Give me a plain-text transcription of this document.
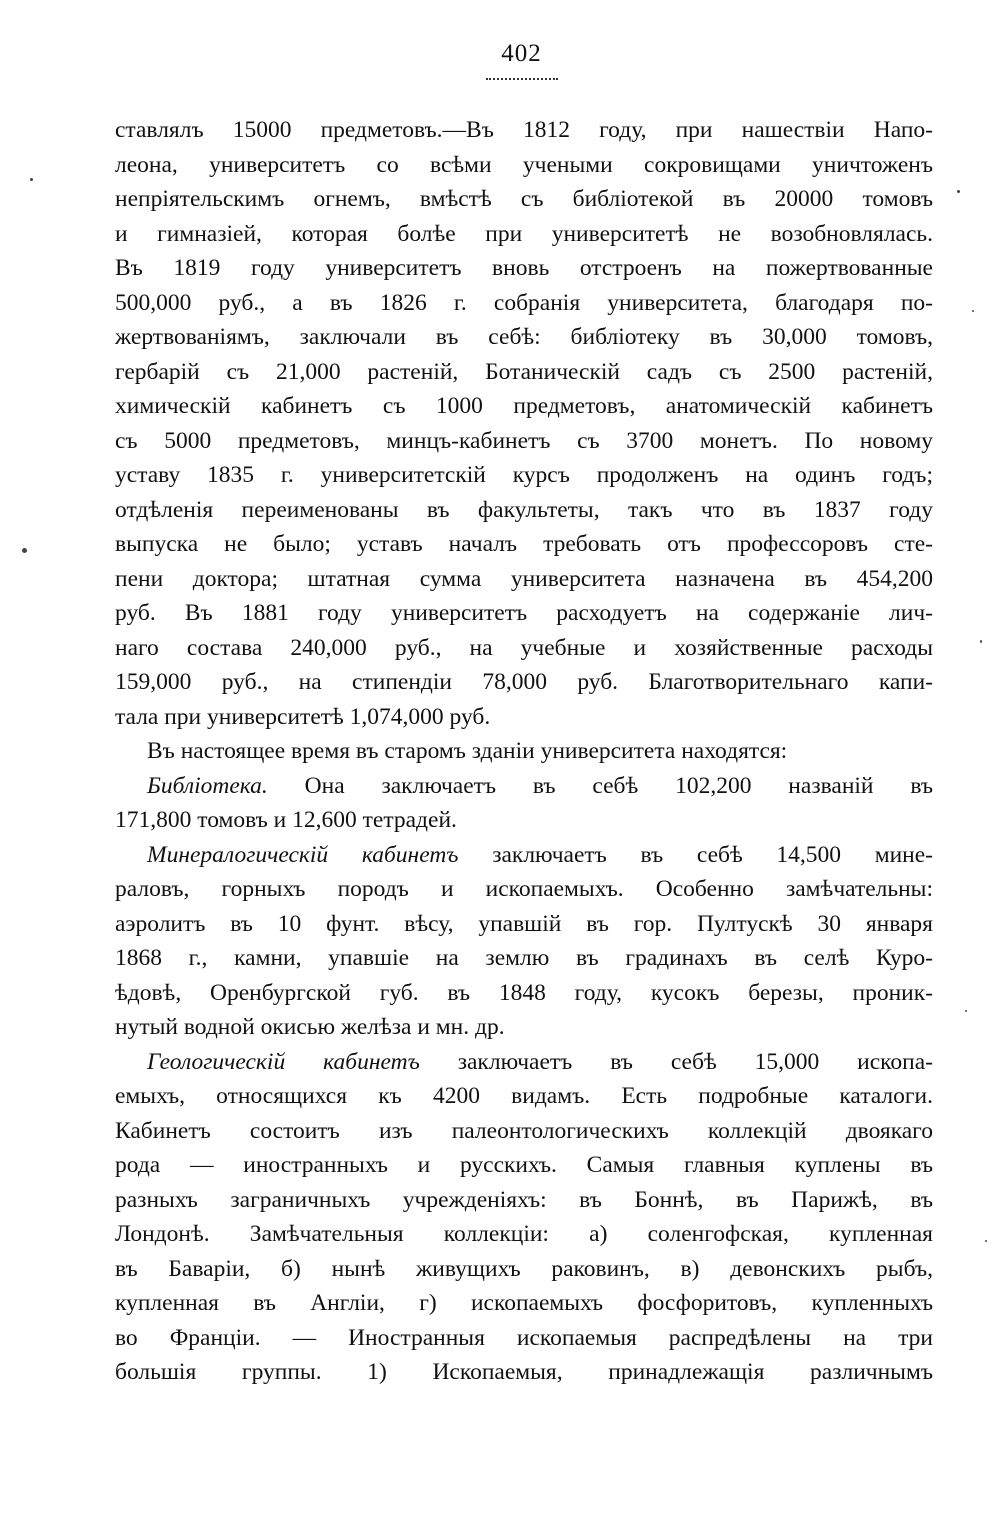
402
ставлялъ 15000 предметовъ.—Въ 1812 году, при нашествіи Напо-
леона, университетъ со всѣми учеными сокровищами уничтоженъ
непріятельскимъ огнемъ, вмѣстѣ съ библіотекой въ 20000 томовъ
и гимназіей, которая болѣе при университетѣ не возобновлялась.
Въ 1819 году университетъ вновь отстроенъ на пожертвованные
500,000 руб., а въ 1826 г. собранія университета, благодаря по-
жертвованіямъ, заключали въ себѣ: библіотеку въ 30,000 томовъ,
гербарій съ 21,000 растеній, Ботаническій садъ съ 2500 растеній,
химическій кабинетъ съ 1000 предметовъ, анатомическій кабинетъ
съ 5000 предметовъ, минцъ-кабинетъ съ 3700 монетъ. По новому
уставу 1835 г. университетскій курсъ продолженъ на одинъ годъ;
отдѣленія переименованы въ факультеты, такъ что въ 1837 году
выпуска не было; уставъ началъ требовать отъ профессоровъ сте-
пени доктора; штатная сумма университета назначена въ 454,200
руб. Въ 1881 году университетъ расходуетъ на содержаніе лич-
наго состава 240,000 руб., на учебные и хозяйственные расходы
159,000 руб., на стипендіи 78,000 руб. Благотворительнаго капи-
тала при университетѣ 1,074,000 руб.
Въ настоящее время въ старомъ зданіи университета находятся:
Библіотека. Она заключаетъ въ себѣ 102,200 названій въ
171,800 томовъ и 12,600 тетрадей.
Минералогическій кабинетъ заключаетъ въ себѣ 14,500 мине-
раловъ, горныхъ породъ и ископаемыхъ. Особенно замѣчательны:
аэролитъ въ 10 фунт. вѣсу, упавшій въ гор. Пултускѣ 30 января
1868 г., камни, упавшіе на землю въ градинахъ въ селѣ Куро-
ѣдовѣ, Оренбургской губ. въ 1848 году, кусокъ березы, проник-
нутый водной окисью желѣза и мн. др.
Геологическій кабинетъ заключаетъ въ себѣ 15,000 ископа-
емыхъ, относящихся къ 4200 видамъ. Есть подробные каталоги.
Кабинетъ состоитъ изъ палеонтологическихъ коллекцій двоякаго
рода — иностранныхъ и русскихъ. Самыя главныя куплены въ
разныхъ заграничныхъ учрежденіяхъ: въ Боннѣ, въ Парижѣ, въ
Лондонѣ. Замѣчательныя коллекціи: а) соленгофская, купленная
въ Баваріи, б) нынѣ живущихъ раковинъ, в) девонскихъ рыбъ,
купленная въ Англіи, г) ископаемыхъ фосфоритовъ, купленныхъ
во Франціи. — Иностранныя ископаемыя распредѣлены на три
большія группы. 1) Ископаемыя, принадлежащія различнымъ
